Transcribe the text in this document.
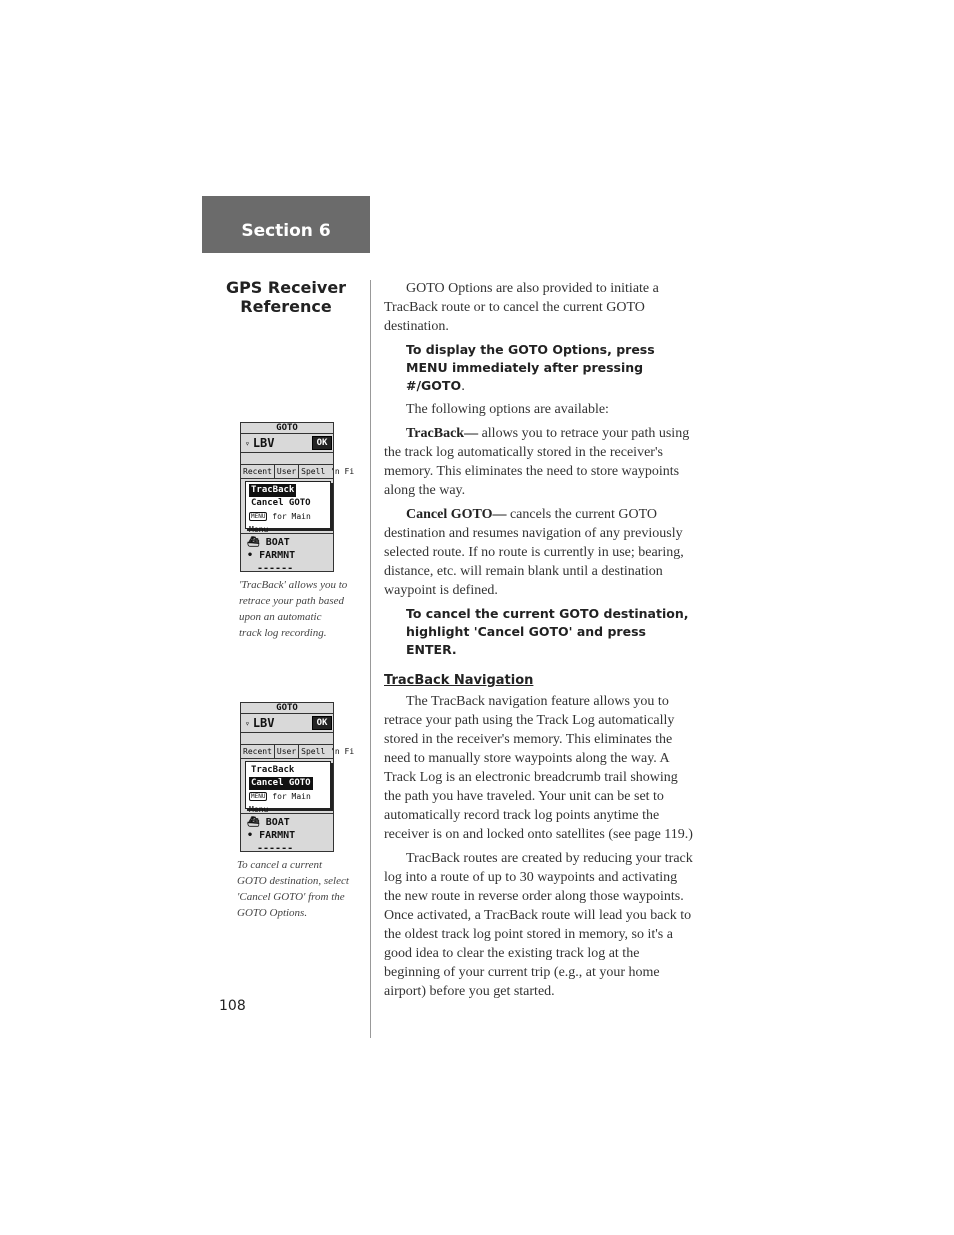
Section 6
GPS Receiver
Reference
GOTO
▿ LBV	OK
Recent User Spell 'n Fi
TracBack
Cancel GOTO
MENU for Main Menu
⛴ BOAT
• FARMNT
------
'TracBack' allows you to
retrace your path based
upon an automatic
track log recording.
GOTO
▿ LBV	OK
Recent User Spell 'n Fi
TracBack
Cancel GOTO
MENU for Main Menu
⛴ BOAT
• FARMNT
------
To cancel a current
GOTO destination, select
'Cancel GOTO' from the
GOTO Options.
108

GOTO Options are also provided to initiate a TracBack route or to cancel the current GOTO destination.

To display the GOTO Options, press MENU immediately after pressing #/GOTO.

The following options are available:

TracBack— allows you to retrace your path using the track log automatically stored in the receiver's memory. This eliminates the need to store waypoints along the way.

Cancel GOTO— cancels the current GOTO destination and resumes navigation of any previously selected route. If no route is currently in use; bearing, distance, etc. will remain blank until a destination waypoint is defined.

To cancel the current GOTO destination, highlight 'Cancel GOTO' and press ENTER.

TracBack Navigation

The TracBack navigation feature allows you to retrace your path using the Track Log automatically stored in the receiver's memory. This eliminates the need to manually store waypoints along the way. A Track Log is an electronic breadcrumb trail showing the path you have traveled. Your unit can be set to automatically record track log points anytime the receiver is on and locked onto satellites (see page 119.)

TracBack routes are created by reducing your track log into a route of up to 30 waypoints and activating the new route in reverse order along those waypoints. Once activated, a TracBack route will lead you back to the oldest track log point stored in memory, so it's a good idea to clear the existing track log at the beginning of your current trip (e.g., at your home airport) before you get started.
